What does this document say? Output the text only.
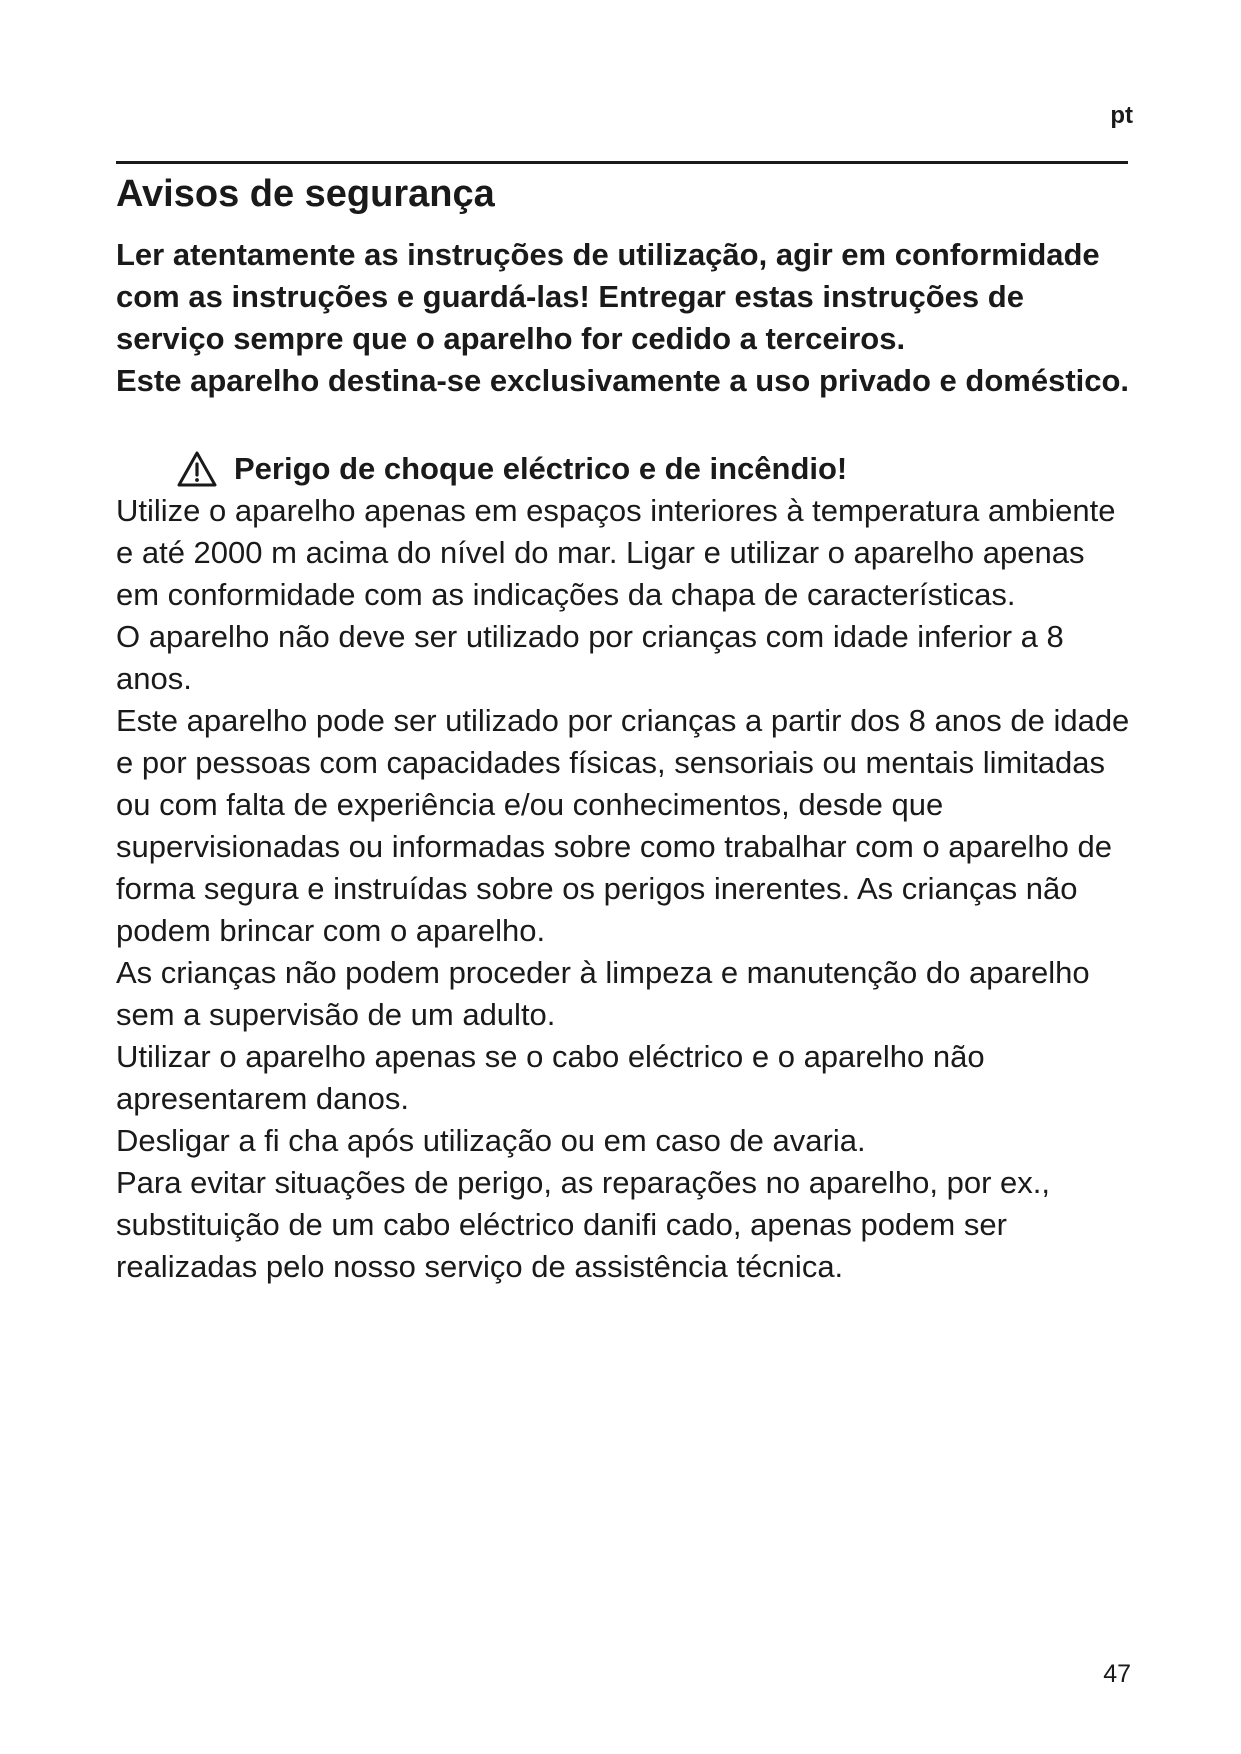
pt
Avisos de segurança

Ler atentamente as instruções de utilização, agir em conformidade com as instruções e guardá-las! Entregar estas instruções de serviço sempre que o aparelho for cedido a terceiros.

Este aparelho destina-se exclusivamente a uso privado e doméstico.

Perigo de choque eléctrico e de incêndio!

Utilize o aparelho apenas em espaços interiores à temperatura ambiente e até 2000 m acima do nível do mar. Ligar e utilizar o aparelho apenas em conformidade com as indicações da chapa de características.

O aparelho não deve ser utilizado por crianças com idade inferior a 8 anos.

Este aparelho pode ser utilizado por crianças a partir dos 8 anos de idade e por pessoas com capacidades físicas, sensoriais ou mentais limitadas ou com falta de experiência e/ou conhecimentos, desde que supervisionadas ou informadas sobre como trabalhar com o aparelho de forma segura e instruídas sobre os perigos inerentes. As crianças não podem brincar com o aparelho.

As crianças não podem proceder à limpeza e manutenção do aparelho sem a supervisão de um adulto.

Utilizar o aparelho apenas se o cabo eléctrico e o aparelho não apresentarem danos.

Desligar a fi cha após utilização ou em caso de avaria.

Para evitar situações de perigo, as reparações no aparelho, por ex., substituição de um cabo eléctrico danifi cado, apenas podem ser realizadas pelo nosso serviço de assistência técnica.

47
